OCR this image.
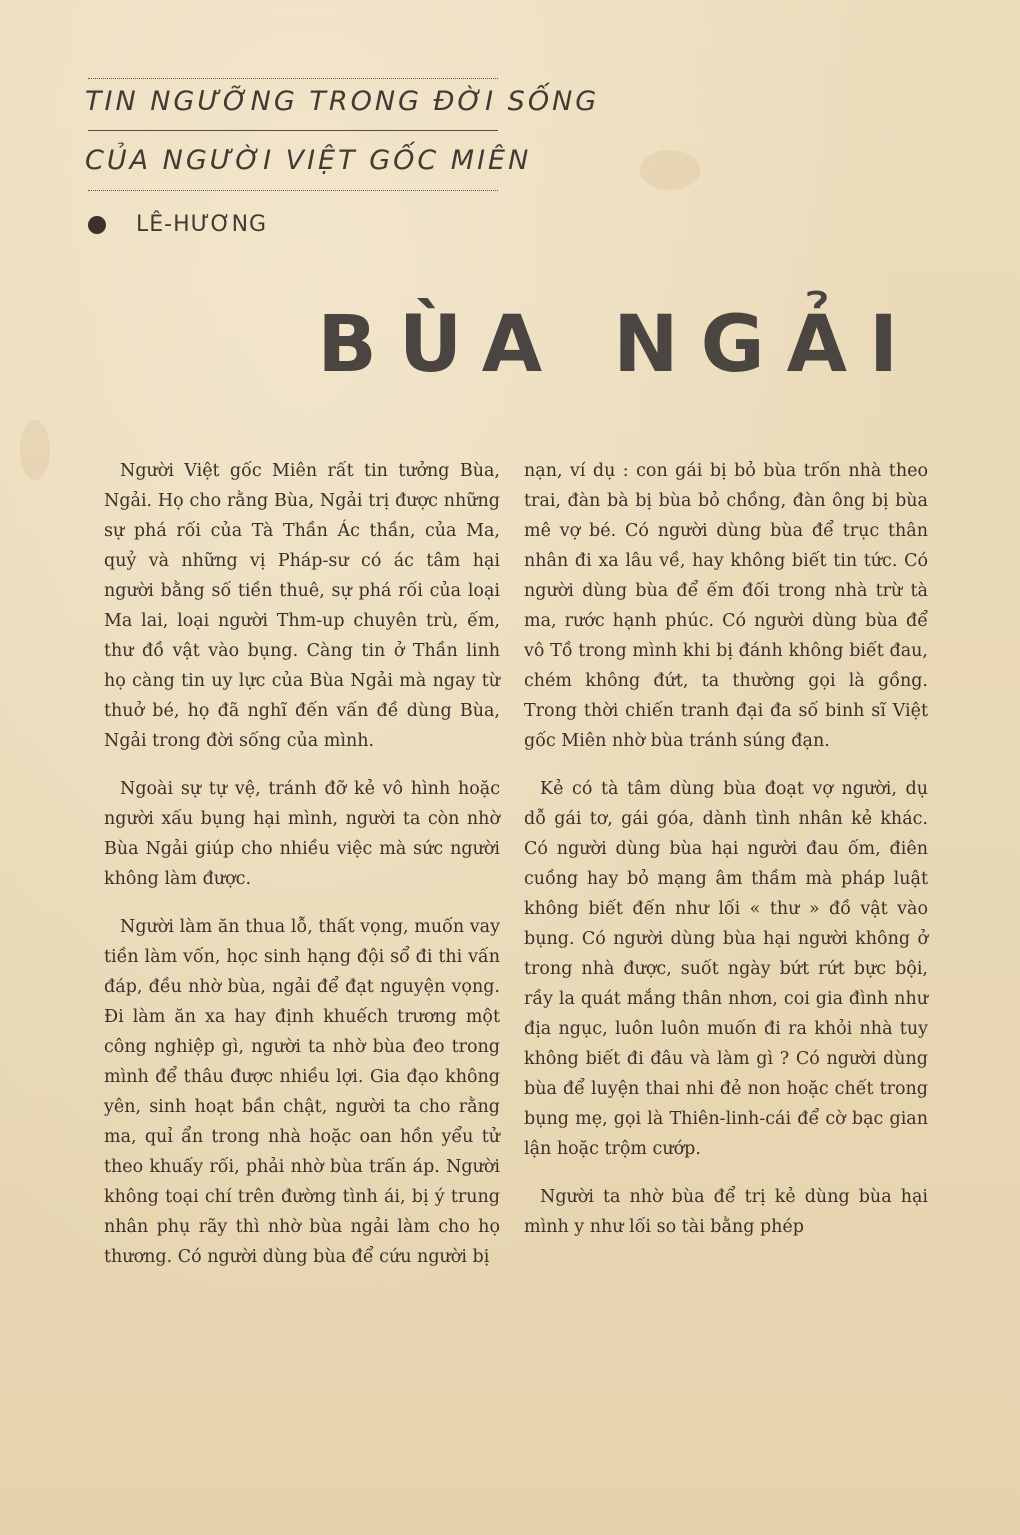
TIN NGƯỠNG TRONG ĐỜI SỐNG
CỦA NGƯỜI VIỆT GỐC MIÊN
LÊ-HƯƠNG
BÙA NGẢI

Người Việt gốc Miên rất tin tưởng Bùa, Ngải. Họ cho rằng Bùa, Ngải trị được những sự phá rối của Tà Thần Ác thần, của Ma, quỷ và những vị Pháp-sư có ác tâm hại người bằng số tiền thuê, sự phá rối của loại Ma lai, loại người Thm-up chuyên trù, ếm, thư đồ vật vào bụng. Càng tin ở Thần linh họ càng tin uy lực của Bùa Ngải mà ngay từ thuở bé, họ đã nghĩ đến vấn đề dùng Bùa, Ngải trong đời sống của mình.

Ngoài sự tự vệ, tránh đỡ kẻ vô hình hoặc người xấu bụng hại mình, người ta còn nhờ Bùa Ngải giúp cho nhiều việc mà sức người không làm được.

Người làm ăn thua lỗ, thất vọng, muốn vay tiền làm vốn, học sinh hạng đội sổ đi thi vấn đáp, đều nhờ bùa, ngải để đạt nguyện vọng. Đi làm ăn xa hay định khuếch trương một công nghiệp gì, người ta nhờ bùa đeo trong mình để thâu được nhiều lợi. Gia đạo không yên, sinh hoạt bần chật, người ta cho rằng ma, quỉ ẩn trong nhà hoặc oan hồn yểu tử theo khuấy rối, phải nhờ bùa trấn áp. Người không toại chí trên đường tình ái, bị ý trung nhân phụ rãy thì nhờ bùa ngải làm cho họ thương. Có người dùng bùa để cứu người bị

nạn, ví dụ : con gái bị bỏ bùa trốn nhà theo trai, đàn bà bị bùa bỏ chồng, đàn ông bị bùa mê vợ bé. Có người dùng bùa để trục thân nhân đi xa lâu về, hay không biết tin tức. Có người dùng bùa để ếm đối trong nhà trừ tà ma, rước hạnh phúc. Có người dùng bùa để vô Tồ trong mình khi bị đánh không biết đau, chém không đứt, ta thường gọi là gồng. Trong thời chiến tranh đại đa số binh sĩ Việt gốc Miên nhờ bùa tránh súng đạn.

Kẻ có tà tâm dùng bùa đoạt vợ người, dụ dỗ gái tơ, gái góa, dành tình nhân kẻ khác. Có người dùng bùa hại người đau ốm, điên cuồng hay bỏ mạng âm thầm mà pháp luật không biết đến như lối « thư » đồ vật vào bụng. Có người dùng bùa hại người không ở trong nhà được, suốt ngày bứt rứt bực bội, rầy la quát mắng thân nhơn, coi gia đình như địa ngục, luôn luôn muốn đi ra khỏi nhà tuy không biết đi đâu và làm gì ? Có người dùng bùa để luyện thai nhi đẻ non hoặc chết trong bụng mẹ, gọi là Thiên-linh-cái để cờ bạc gian lận hoặc trộm cướp.

Người ta nhờ bùa để trị kẻ dùng bùa hại mình y như lối so tài bằng phép
